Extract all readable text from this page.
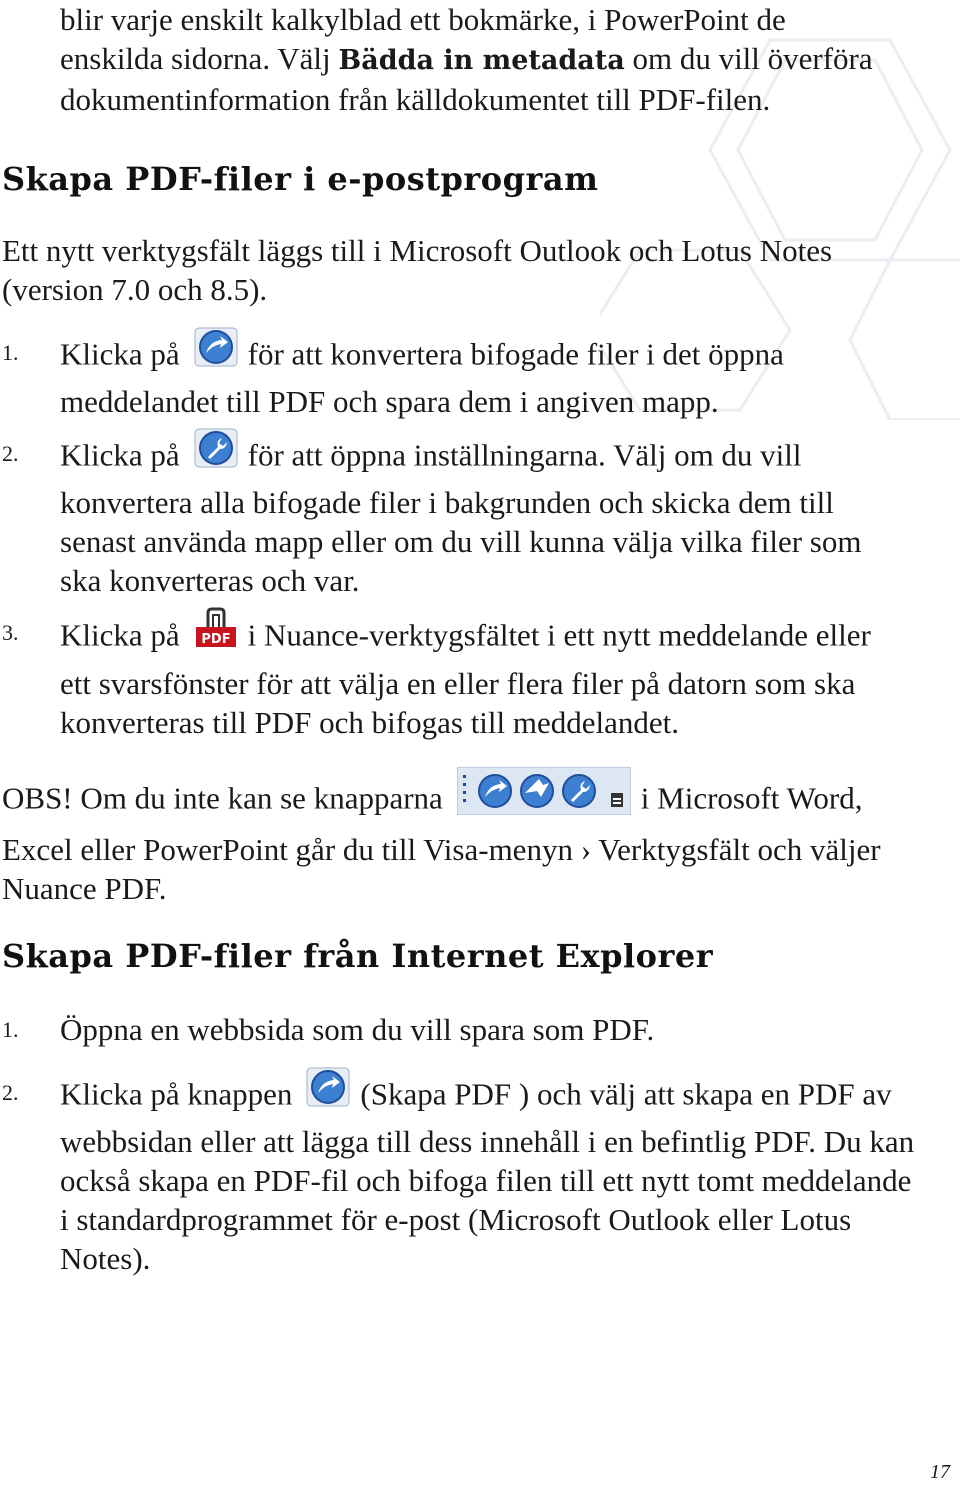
blir varje enskilt kalkylblad ett bokmärke, i PowerPoint de

enskilda sidorna. Välj Bädda in metadata om du vill överföra

dokumentinformation från källdokumentet till PDF-filen.

Skapa PDF-filer i e-postprogram

Ett nytt verktygsfält läggs till i Microsoft Outlook och Lotus Notes

(version 7.0 och 8.5).

1. Klicka på för att konvertera bifogade filer i det öppna

meddelandet till PDF och spara dem i angiven mapp.

2. Klicka på för att öppna inställningarna. Välj om du vill

konvertera alla bifogade filer i bakgrunden och skicka dem till

senast använda mapp eller om du vill kunna välja vilka filer som

ska konverteras och var.

3. Klicka på PDF i Nuance-verktygsfältet i ett nytt meddelande eller

ett svarsfönster för att välja en eller flera filer på datorn som ska

konverteras till PDF och bifogas till meddelandet.

OBS! Om du inte kan se knapparna	i Microsoft Word,

Excel eller PowerPoint går du till Visa-menyn › Verktygsfält och väljer

Nuance PDF.

Skapa PDF-filer från Internet Explorer
1. Öppna en webbsida som du vill spara som PDF.

2. Klicka på knappen (Skapa PDF ) och välj att skapa en PDF av

webbsidan eller att lägga till dess innehåll i en befintlig PDF. Du kan

också skapa en PDF-fil och bifoga filen till ett nytt tomt meddelande

i standardprogrammet för e-post (Microsoft Outlook eller Lotus

Notes).

17
